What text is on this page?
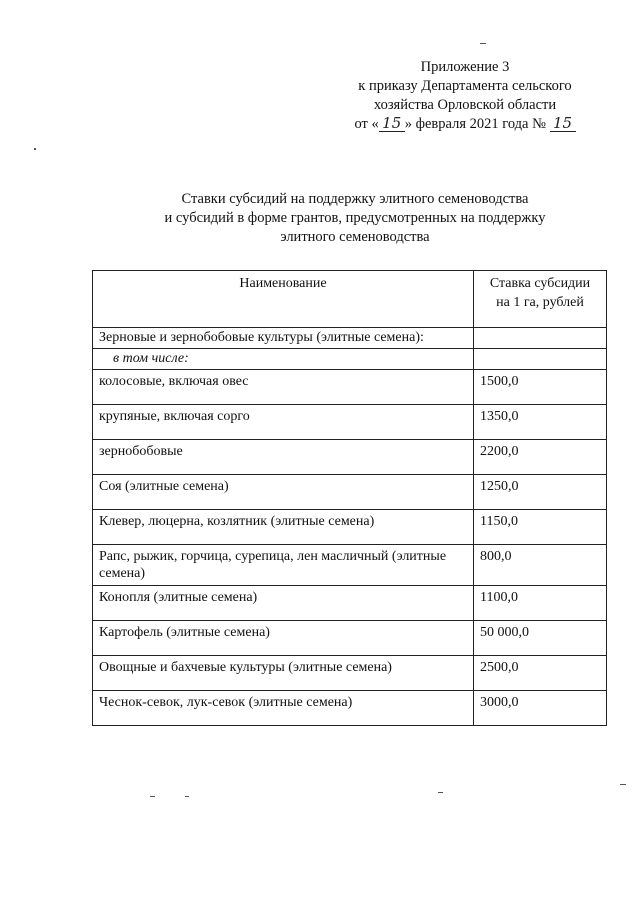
Приложение 3
к приказу Департамента сельского
хозяйства Орловской области
от « 15 » февраля 2021 года № 15
Ставки субсидий на поддержку элитного семеноводства
и субсидий в форме грантов, предусмотренных на поддержку
элитного семеноводства
Наименование	Ставка субсидии
на 1 га, рублей

Зерновые и зернобобовые культуры (элитные семена):	
в том числе:	
колосовые, включая овес	1500,0
крупяные, включая сорго	1350,0
зернобобовые	2200,0
Соя (элитные семена)	1250,0
Клевер, люцерна, козлятник (элитные семена)	1150,0
Рапс, рыжик, горчица, сурепица, лен масличный (элитные семена)	800,0
Конопля (элитные семена)	1100,0
Картофель (элитные семена)	50 000,0
Овощные и бахчевые культуры (элитные семена)	2500,0
Чеснок-севок, лук-севок (элитные семена)	3000,0
